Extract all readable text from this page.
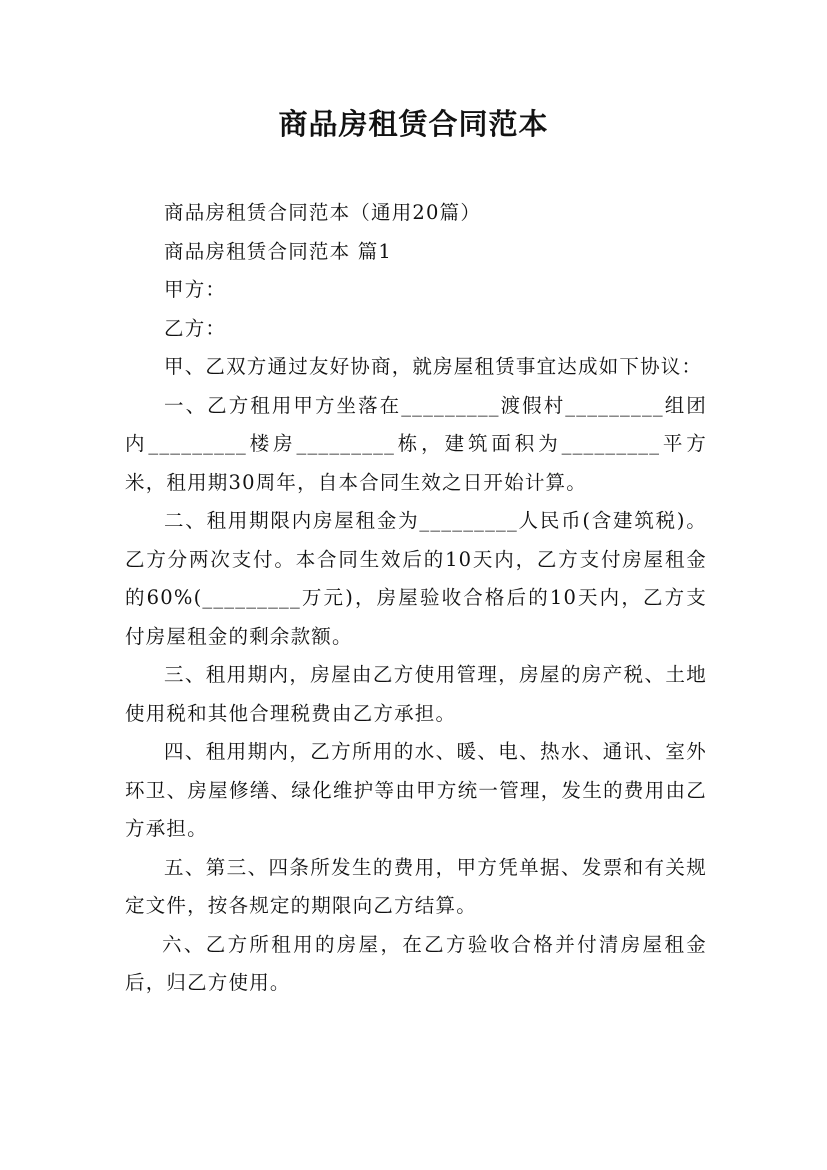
商品房租赁合同范本

商品房租赁合同范本（通用20篇）

商品房租赁合同范本 篇1

甲方：

乙方：

甲、乙双方通过友好协商，就房屋租赁事宜达成如下协议：

一、乙方租用甲方坐落在_________渡假村_________组团内_________楼房_________栋，建筑面积为_________平方米，租用期30周年，自本合同生效之日开始计算。

二、租用期限内房屋租金为_________人民币(含建筑税)。乙方分两次支付。本合同生效后的10天内，乙方支付房屋租金的60%(_________万元)，房屋验收合格后的10天内，乙方支付房屋租金的剩余款额。

三、租用期内，房屋由乙方使用管理，房屋的房产税、土地使用税和其他合理税费由乙方承担。

四、租用期内，乙方所用的水、暖、电、热水、通讯、室外环卫、房屋修缮、绿化维护等由甲方统一管理，发生的费用由乙方承担。

五、第三、四条所发生的费用，甲方凭单据、发票和有关规定文件，按各规定的期限向乙方结算。

六、乙方所租用的房屋，在乙方验收合格并付清房屋租金后，归乙方使用。
